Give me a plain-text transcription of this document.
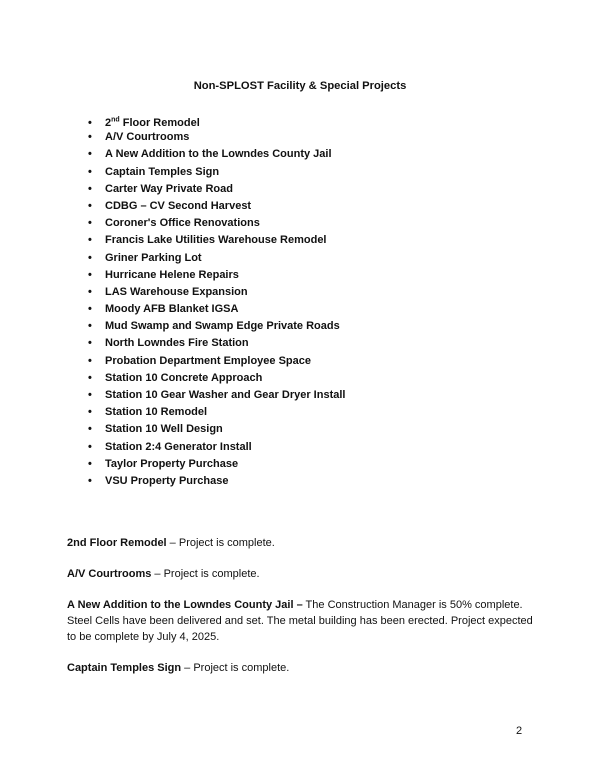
Non-SPLOST Facility & Special Projects
• 2nd Floor Remodel
• A/V Courtrooms
• A New Addition to the Lowndes County Jail
• Captain Temples Sign
• Carter Way Private Road
• CDBG – CV Second Harvest
• Coroner's Office Renovations
• Francis Lake Utilities Warehouse Remodel
• Griner Parking Lot
• Hurricane Helene Repairs
• LAS Warehouse Expansion
• Moody AFB Blanket IGSA
• Mud Swamp and Swamp Edge Private Roads
• North Lowndes Fire Station
• Probation Department Employee Space
• Station 10 Concrete Approach
• Station 10 Gear Washer and Gear Dryer Install
• Station 10 Remodel
• Station 10 Well Design
• Station 2:4 Generator Install
• Taylor Property Purchase
• VSU Property Purchase
2nd Floor Remodel – Project is complete.
A/V Courtrooms – Project is complete.
A New Addition to the Lowndes County Jail – The Construction Manager is 50% complete. Steel Cells have been delivered and set. The metal building has been erected. Project expected to be complete by July 4, 2025.
Captain Temples Sign – Project is complete.
2
